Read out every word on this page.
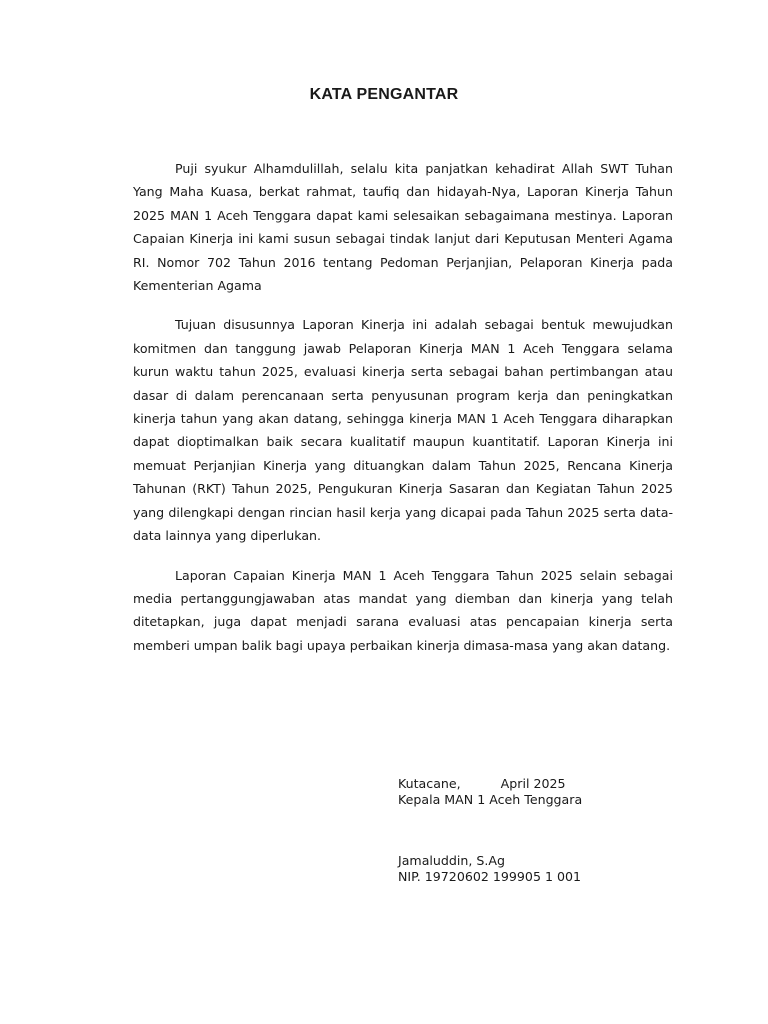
KATA PENGANTAR

Puji syukur Alhamdulillah, selalu kita panjatkan kehadirat Allah SWT Tuhan Yang Maha Kuasa, berkat rahmat, taufiq dan hidayah-Nya, Laporan Kinerja Tahun 2025 MAN 1 Aceh Tenggara dapat kami selesaikan sebagaimana mestinya. Laporan Capaian Kinerja ini kami susun sebagai tindak lanjut dari Keputusan Menteri Agama RI. Nomor 702 Tahun 2016 tentang Pedoman Perjanjian, Pelaporan Kinerja pada Kementerian Agama

Tujuan disusunnya Laporan Kinerja ini adalah sebagai bentuk mewujudkan komitmen dan tanggung jawab Pelaporan Kinerja MAN 1 Aceh Tenggara selama kurun waktu tahun 2025, evaluasi kinerja serta sebagai bahan pertimbangan atau dasar di dalam perencanaan serta penyusunan program kerja dan peningkatkan kinerja tahun yang akan datang, sehingga kinerja MAN 1 Aceh Tenggara diharapkan dapat dioptimalkan baik secara kualitatif maupun kuantitatif. Laporan Kinerja ini memuat Perjanjian Kinerja yang dituangkan dalam Tahun 2025, Rencana Kinerja Tahunan (RKT) Tahun 2025, Pengukuran Kinerja Sasaran dan Kegiatan Tahun 2025 yang dilengkapi dengan rincian hasil kerja yang dicapai pada Tahun 2025 serta data-data lainnya yang diperlukan.

Laporan Capaian Kinerja MAN 1 Aceh Tenggara Tahun 2025 selain sebagai media pertanggungjawaban atas mandat yang diemban dan kinerja yang telah ditetapkan, juga dapat menjadi sarana evaluasi atas pencapaian kinerja serta memberi umpan balik bagi upaya perbaikan kinerja dimasa-masa yang akan datang.

Kutacane,          April 2025
Kepala MAN 1 Aceh Tenggara
Jamaluddin, S.Ag
NIP. 19720602 199905 1 001
